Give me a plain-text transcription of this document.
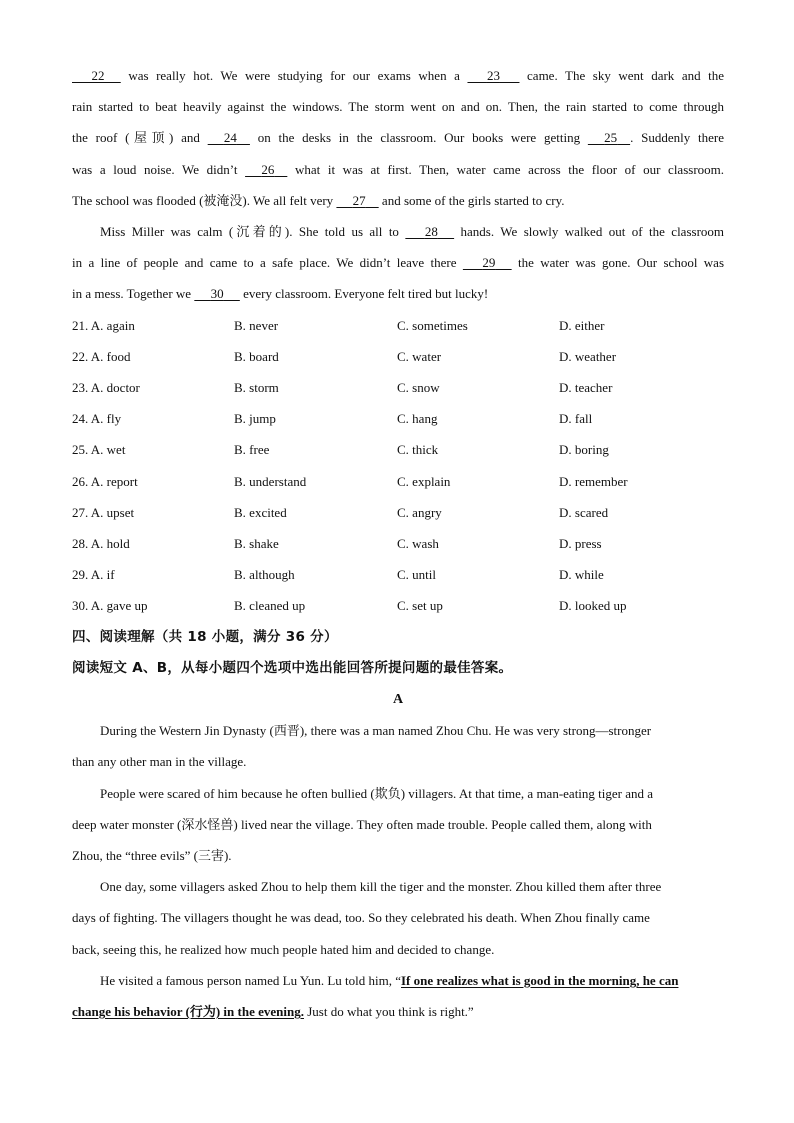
22 was really hot. We were studying for our exams when a 23 came. The sky went dark and the
rain started to beat heavily against the windows. The storm went on and on. Then, the rain started to come through
the roof (屋顶) and 24 on the desks in the classroom. Our books were getting 25 . Suddenly there
was a loud noise. We didn’t 26 what it was at first. Then, water came across the floor of our classroom.
The school was flooded (被淹没). We all felt very 27 and some of the girls started to cry.
Miss Miller was calm (沉着的). She told us all to 28 hands. We slowly walked out of the classroom
in a line of people and came to a safe place. We didn’t leave there 29 the water was gone. Our school was
in a mess. Together we 30 every classroom. Everyone felt tired but lucky!
21. A. again	B. never	C. sometimes	D. either
22. A. food	B. board	C. water	D. weather
23. A. doctor	B. storm	C. snow	D. teacher
24. A. fly	B. jump	C. hang	D. fall
25. A. wet	B. free	C. thick	D. boring
26. A. report	B. understand	C. explain	D. remember
27. A. upset	B. excited	C. angry	D. scared
28. A. hold	B. shake	C. wash	D. press
29. A. if	B. although	C. until	D. while
30. A. gave up	B. cleaned up	C. set up	D. looked up
四、阅读理解（共 18 小题，满分 36 分）
阅读短文 A、B，从每小题四个选项中选出能回答所提问题的最佳答案。
A
During the Western Jin Dynasty (西晋), there was a man named Zhou Chu. He was very strong—stronger
than any other man in the village.
People were scared of him because he often bullied (欺负) villagers. At that time, a man-eating tiger and a
deep water monster (深水怪兽) lived near the village. They often made trouble. People called them, along with
Zhou, the “three evils” (三害).
One day, some villagers asked Zhou to help them kill the tiger and the monster. Zhou killed them after three
days of fighting. The villagers thought he was dead, too. So they celebrated his death. When Zhou finally came
back, seeing this, he realized how much people hated him and decided to change.
He visited a famous person named Lu Yun. Lu told him, “If one realizes what is good in the morning, he can
change his behavior (行为) in the evening. Just do what you think is right.”
